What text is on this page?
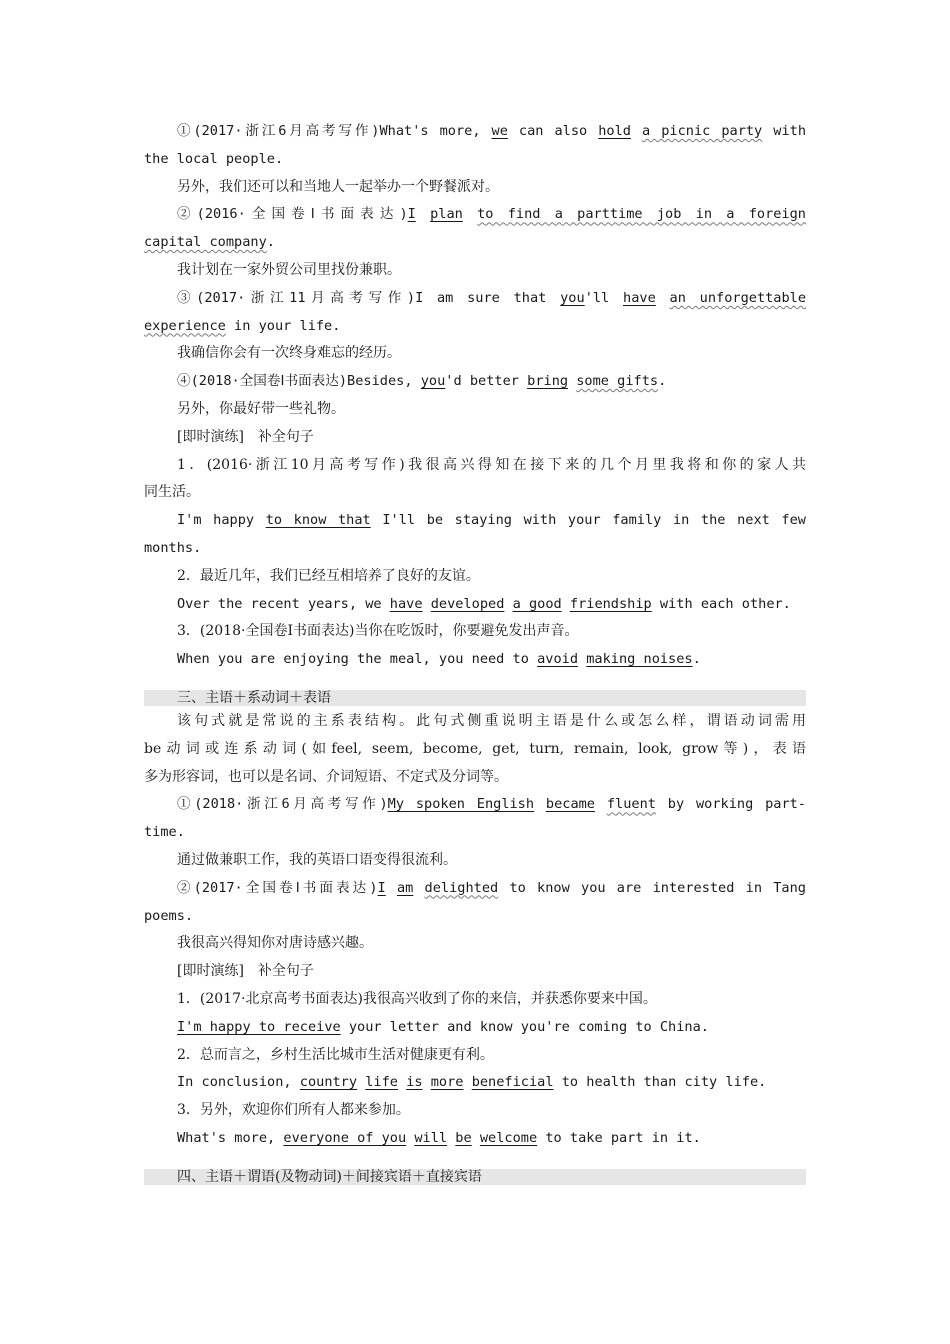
①(2017·浙江6月高考写作)What's more, we can also hold a picnic party with
the local people.
另外，我们还可以和当地人一起举办一个野餐派对。
②(2016·全国卷Ⅰ书面表达)I plan to find a parttime job in a foreign
capital company.
我计划在一家外贸公司里找份兼职。
③(2017·浙江11月高考写作)I am sure that you'll have an unforgettable
experience in your life.
我确信你会有一次终身难忘的经历。
④(2018·全国卷Ⅰ书面表达)Besides, you'd better bring some gifts.
另外，你最好带一些礼物。
[即时演练]　补全句子
1．(2016·浙江10月高考写作)我很高兴得知在接下来的几个月里我将和你的家人共
同生活。
I'm happy to know that I'll be staying with your family in the next few
months.
2．最近几年，我们已经互相培养了良好的友谊。
Over the recent years, we have developed a good friendship with each other.
3．(2018·全国卷Ⅰ书面表达)当你在吃饭时，你要避免发出声音。
When you are enjoying the meal, you need to avoid making noises.
三、主语＋系动词＋表语
该句式就是常说的主系表结构。此句式侧重说明主语是什么或怎么样，谓语动词需用
be动词或连系动词(如feel, seem, become, get, turn, remain, look, grow等)，表语
多为形容词，也可以是名词、介词短语、不定式及分词等。
①(2018·浙江6月高考写作)My spoken English became fluent by working part-
time.
通过做兼职工作，我的英语口语变得很流利。
②(2017·全国卷Ⅰ书面表达)I am delighted to know you are interested in Tang
poems.
我很高兴得知你对唐诗感兴趣。
[即时演练]　补全句子
1．(2017·北京高考书面表达)我很高兴收到了你的来信，并获悉你要来中国。
I'm happy to receive your letter and know you're coming to China.
2．总而言之，乡村生活比城市生活对健康更有利。
In conclusion, country life is more beneficial to health than city life.
3．另外，欢迎你们所有人都来参加。
What's more, everyone of you will be welcome to take part in it.
四、主语＋谓语(及物动词)＋间接宾语＋直接宾语
